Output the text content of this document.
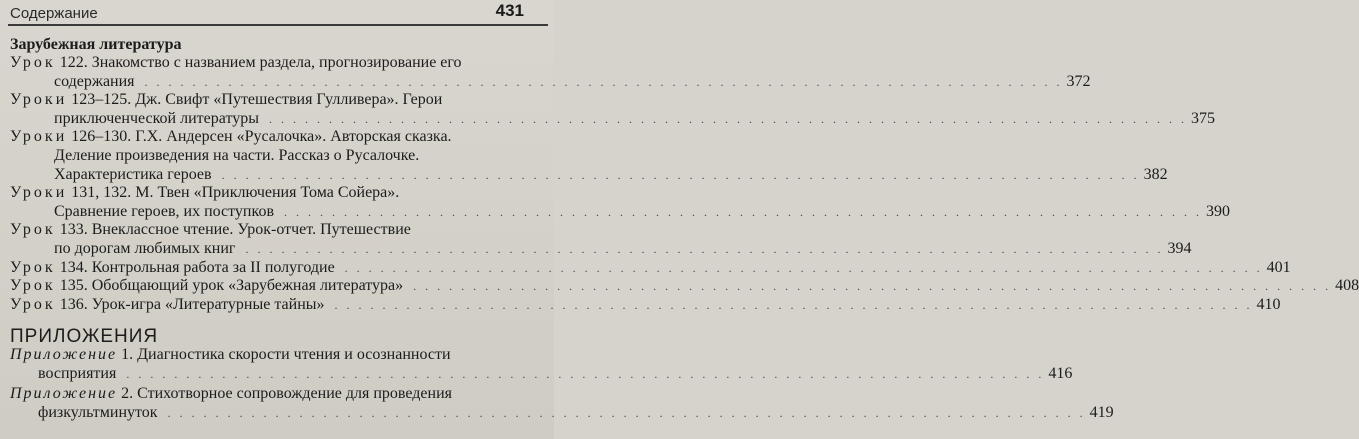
Содержание	431
Зарубежная литература
Урок 122. Знакомство с названием раздела, прогнозирование его
содержания . . .	372
Уроки 123–125. Дж. Свифт «Путешествия Гулливера». Герои
приключенческой литературы . . .	375
Уроки 126–130. Г.Х. Андерсен «Русалочка». Авторская сказка.
Деление произведения на части. Рассказ о Русалочке.
Характеристика героев . . .	382
Уроки 131, 132. М. Твен «Приключения Тома Сойера».
Сравнение героев, их поступков . . .	390
Урок 133. Внеклассное чтение. Урок-отчет. Путешествие
по дорогам любимых книг . . .	394
Урок 134. Контрольная работа за II полугодие . . .	401
Урок 135. Обобщающий урок «Зарубежная литература» . . .	408
Урок 136. Урок-игра «Литературные тайны» . . .	410
ПРИЛОЖЕНИЯ
Приложение 1. Диагностика скорости чтения и осознанности
восприятия . . .	416
Приложение 2. Стихотворное сопровождение для проведения
физкультминуток . . .	419
